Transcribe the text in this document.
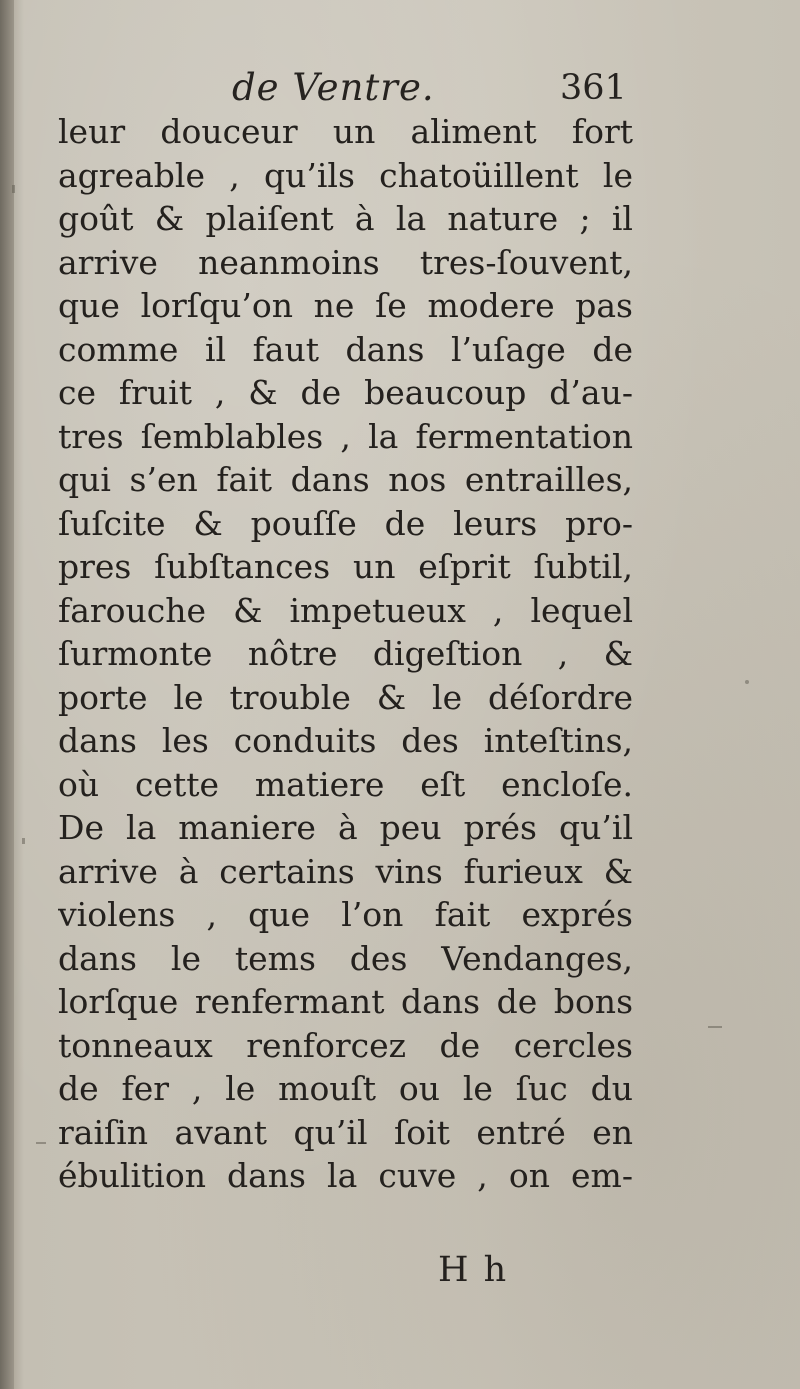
de Ventre.	361
leur douceur un aliment fort
agreable , qu’ils chatoüillent le
goût & plaiſent à la nature ; il
arrive neanmoins tres-ſouvent,
que lorſqu’on ne ſe modere pas
comme il faut dans l’uſage de
ce fruit , & de beaucoup d’au-
tres ſemblables , la fermentation
qui s’en fait dans nos entrailles,
ſuſcite & pouſſe de leurs pro-
pres ſubſtances un eſprit ſubtil,
farouche & impetueux , lequel
ſurmonte nôtre digeſtion , &
porte le trouble & le déſordre
dans les conduits des inteſtins,
où cette matiere eſt encloſe.
De la maniere à peu prés qu’il
arrive à certains vins furieux &
violens , que l’on fait exprés
dans le tems des Vendanges,
lorſque renfermant dans de bons
tonneaux renforcez de cercles
de fer , le mouſt ou le ſuc du
raiſin avant qu’il ſoit entré en
ébulition dans la cuve , on em-
H h
